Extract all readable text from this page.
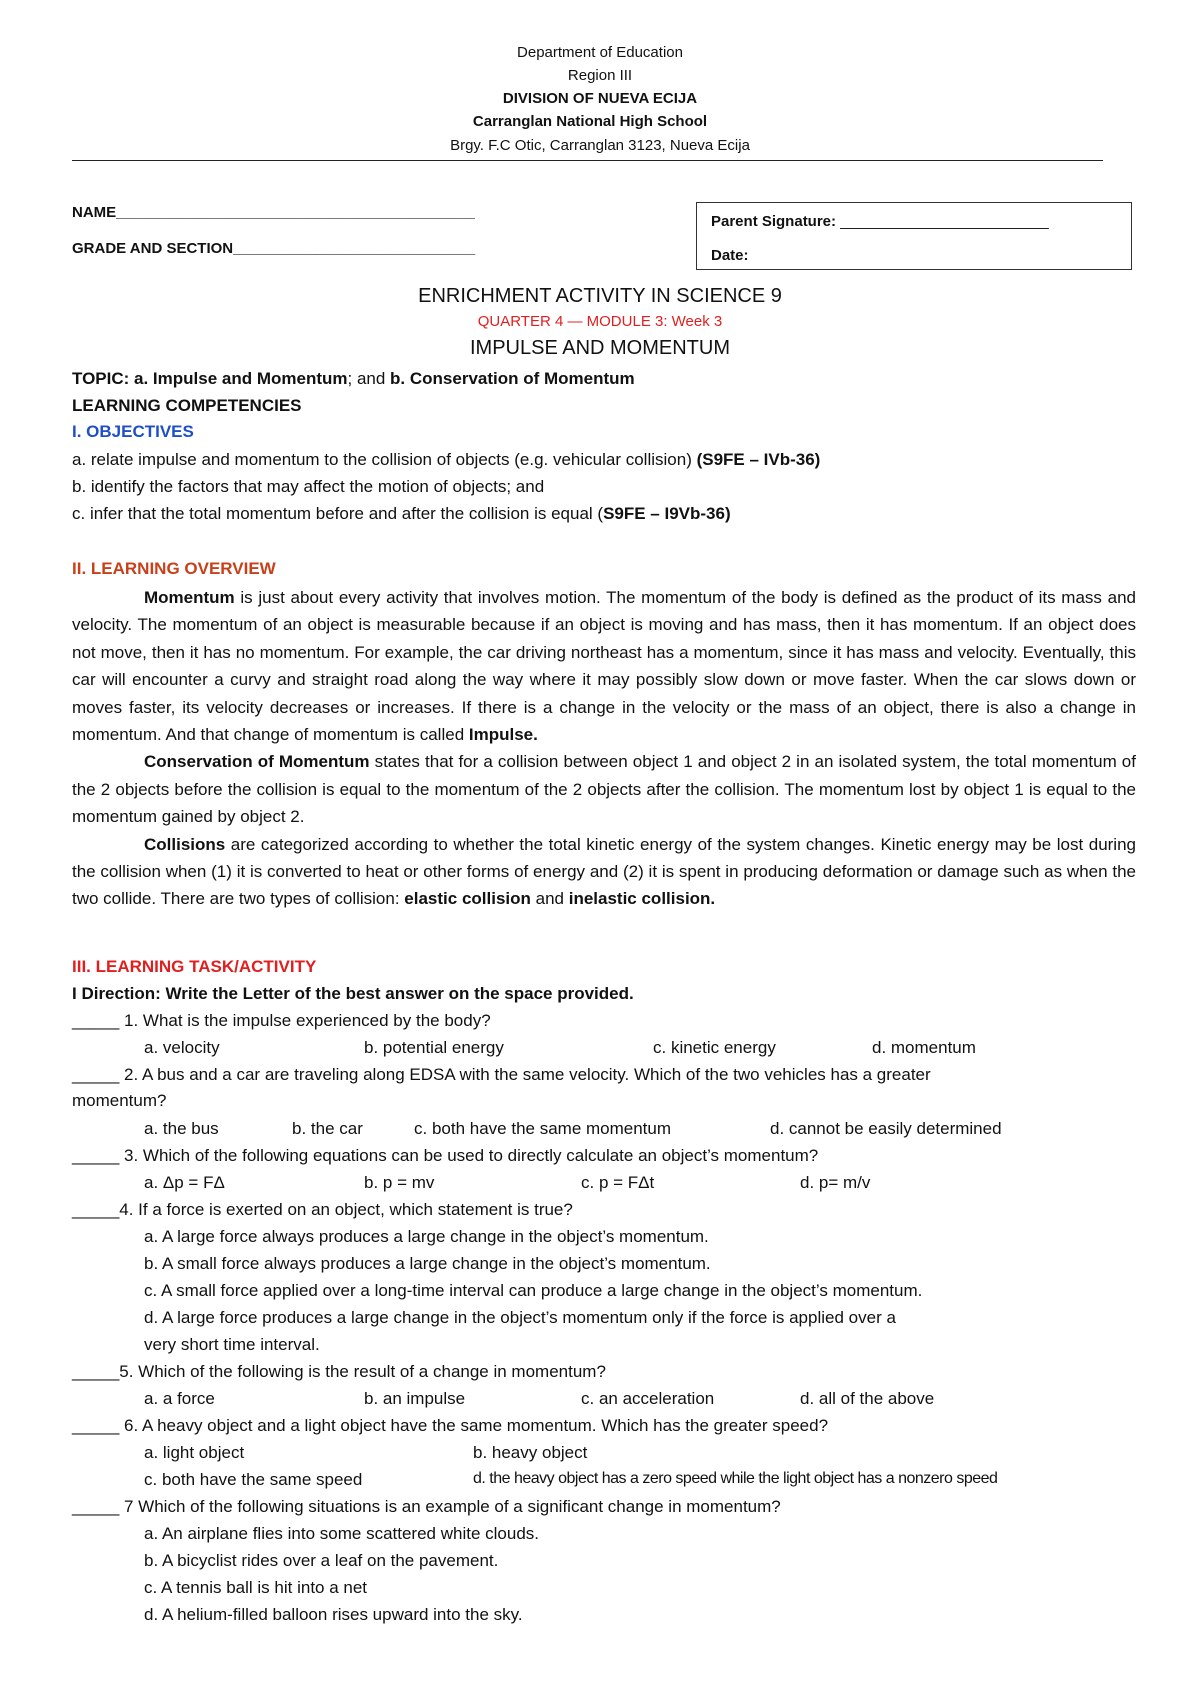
Department of Education
Region III
DIVISION OF NUEVA ECIJA
Carranglan National High School
Brgy. F.C Otic, Carranglan 3123, Nueva Ecija
NAME___________________________________________
GRADE AND SECTION_____________________________
Parent Signature: _________________________
Date:
ENRICHMENT ACTIVITY IN SCIENCE 9
QUARTER 4 — MODULE 3: Week 3
IMPULSE AND MOMENTUM
TOPIC: a. Impulse and Momentum; and b. Conservation of Momentum
LEARNING COMPETENCIES
I. OBJECTIVES
a. relate impulse and momentum to the collision of objects (e.g. vehicular collision) (S9FE – IVb-36)
b. identify the factors that may affect the motion of objects; and
c. infer that the total momentum before and after the collision is equal (S9FE – I9Vb-36)
II. LEARNING OVERVIEW

Momentum is just about every activity that involves motion. The momentum of the body is defined as the product of its mass and velocity. The momentum of an object is measurable because if an object is moving and has mass, then it has momentum. If an object does not move, then it has no momentum. For example, the car driving northeast has a momentum, since it has mass and velocity. Eventually, this car will encounter a curvy and straight road along the way where it may possibly slow down or move faster. When the car slows down or moves faster, its velocity decreases or increases. If there is a change in the velocity or the mass of an object, there is also a change in momentum. And that change of momentum is called Impulse.

Conservation of Momentum states that for a collision between object 1 and object 2 in an isolated system, the total momentum of the 2 objects before the collision is equal to the momentum of the 2 objects after the collision. The momentum lost by object 1 is equal to the momentum gained by object 2.

Collisions are categorized according to whether the total kinetic energy of the system changes. Kinetic energy may be lost during the collision when (1) it is converted to heat or other forms of energy and (2) it is spent in producing deformation or damage such as when the two collide. There are two types of collision: elastic collision and inelastic collision.

III. LEARNING TASK/ACTIVITY
I Direction: Write the Letter of the best answer on the space provided.
_____ 1. What is the impulse experienced by the body?
a. velocity	b. potential energy	c. kinetic energy	d. momentum
_____ 2. A bus and a car are traveling along EDSA with the same velocity. Which of the two vehicles has a greater
momentum?
a. the bus	b. the car	c. both have the same momentum	d. cannot be easily determined
_____ 3. Which of the following equations can be used to directly calculate an object’s momentum?
a. Δp = FΔ	b. p = mv	c. p = FΔt	d. p= m/v
_____4. If a force is exerted on an object, which statement is true?
a. A large force always produces a large change in the object’s momentum.
b. A small force always produces a large change in the object’s momentum.
c. A small force applied over a long-time interval can produce a large change in the object’s momentum.
d. A large force produces a large change in the object’s momentum only if the force is applied over a
very short time interval.
_____5. Which of the following is the result of a change in momentum?
a. a force	b. an impulse	c. an acceleration	d. all of the above
_____ 6. A heavy object and a light object have the same momentum. Which has the greater speed?
a. light object	b. heavy object
c. both have the same speed	d. the heavy object has a zero speed while the light object has a nonzero speed
_____ 7 Which of the following situations is an example of a significant change in momentum?
a. An airplane flies into some scattered white clouds.
b. A bicyclist rides over a leaf on the pavement.
c. A tennis ball is hit into a net
d. A helium-filled balloon rises upward into the sky.
